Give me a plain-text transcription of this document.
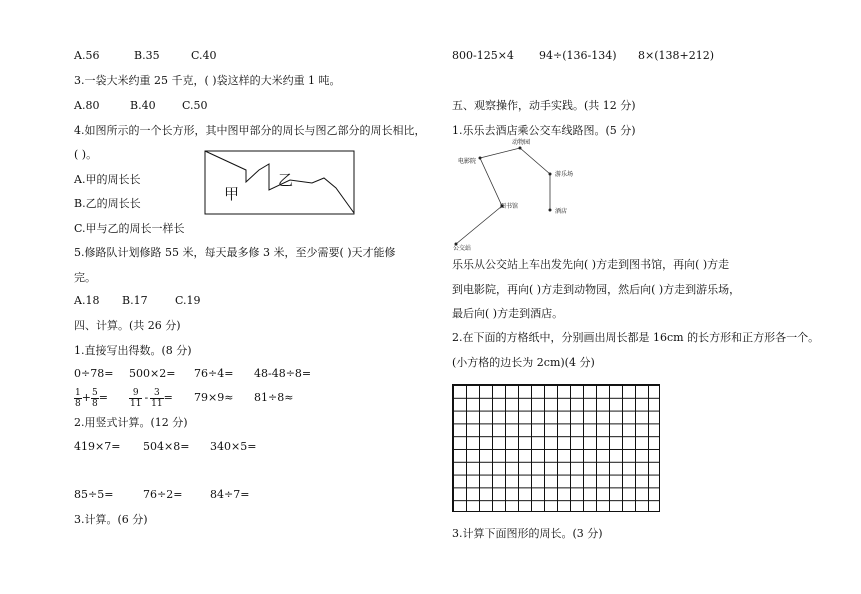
A.56	B.35	C.40
3.一袋大米约重 25 千克，( )袋这样的大米约重 1 吨。
A.80	B.40 C.50
4.如图所示的一个长方形，其中图甲部分的周长与图乙部分的周长相比，
( )。
甲
乙
A.甲的周长长
B.乙的周长长
C.甲与乙的周长一样长
5.修路队计划修路 55 米，每天最多修 3 米，至少需要( )天才能修
完。
A.18 B.17 C.19
四、计算。(共 26 分)
1.直接写出得数。(8 分)
0÷78= 500×2= 76÷4= 48-48÷8=
$\frac{1}{8} + \frac{5}{8} = \frac{9}{11} - \frac{3}{11} = 79\times 9\approx 81\div 8\approx$
2.用竖式计算。(12 分)
419×7= 504×8= 340×5=
85÷5=	76÷2=	84÷7=
3.计算。(6 分)
800-125×4 94÷(136-134) 8×(138+212)
五、观察操作，动手实践。(共 12 分)
1.乐乐去酒店乘公交车线路图。(5 分)
动物园
电影院
游乐场
图书馆
酒店
公交站
乐乐从公交站上车出发先向( )方走到图书馆，再向( )方走
到电影院，再向( )方走到动物园，然后向( )方走到游乐场，
最后向( )方走到酒店。
2.在下面的方格纸中，分别画出周长都是 16cm 的长方形和正方形各一个。
(小方格的边长为 2cm)(4 分)
3.计算下面图形的周长。(3 分)
